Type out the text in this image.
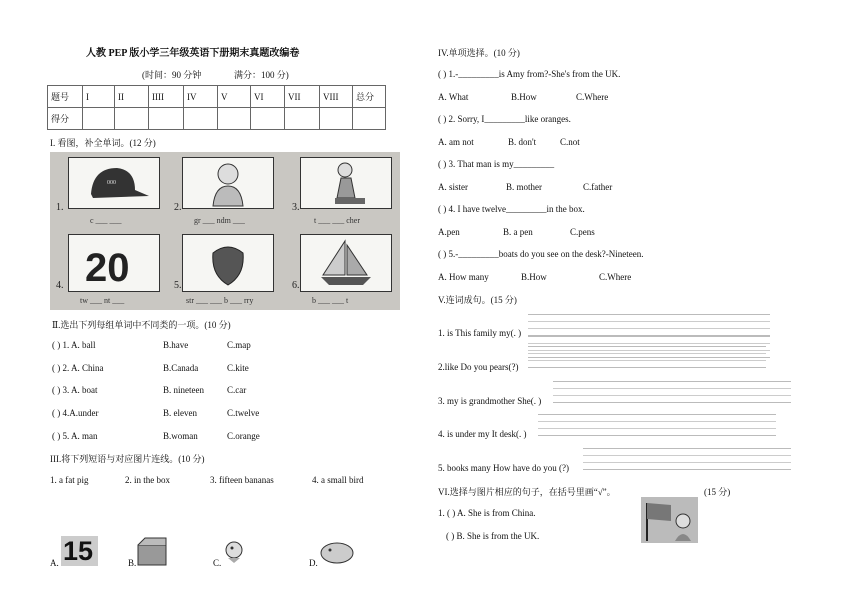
人教 PEP 版小学三年级英语下册期末真题改编卷
(时间：90 分钟	满分：100 分)
题号	I	II	IIII	IV	V	VI	VII	VIII	总分
得分									
I. 看图，补全单词。(12 分)
000
1.	2.	3.
c ___ ___	gr ___ ndm ___	t ___ ___ cher
20
4.	5.	6.
tw ___ nt ___	str ___ ___ b ___ rry	b ___ ___ t
Ⅱ.选出下列每组单词中不同类的一项。(10 分)
( ) 1. A. ball	B.have	C.map
( ) 2. A. China	B.Canada	C.kite
( ) 3. A. boat	B. nineteen	C.car
( ) 4.A.under	B. eleven	C.twelve
( ) 5. A. man	B.woman	C.orange
III.将下列短语与对应图片连线。(10 分)
1. a fat pig	2. in the box	3. fifteen bananas	4. a small bird
A.	B.	C.	D.
15
IV.单项选择。(10 分)
( ) 1.-_________is Amy from?-She's from the UK.
A. What	B.How	C.Where
( ) 2. Sorry, I_________like oranges.
A. am not	B. don't	C.not
( ) 3. That man is my_________
A. sister	B. mother	C.father
( ) 4. I have twelve_________in the box.
A.pen	B. a pen	C.pens
( ) 5.-_________boats do you see on the desk?-Nineteen.
A. How many	B.How	C.Where
V.连词成句。(15 分)
1. is This family my(. )
2.like Do you pears(?)
3. my is grandmother She(. )
4. is under my It desk(. )
5. books many How have do you (?)
VI.选择与图片相应的句子，在括号里画“√”。	(15 分)
1. ( ) A. She is from China.
( ) B. She is from the UK.
